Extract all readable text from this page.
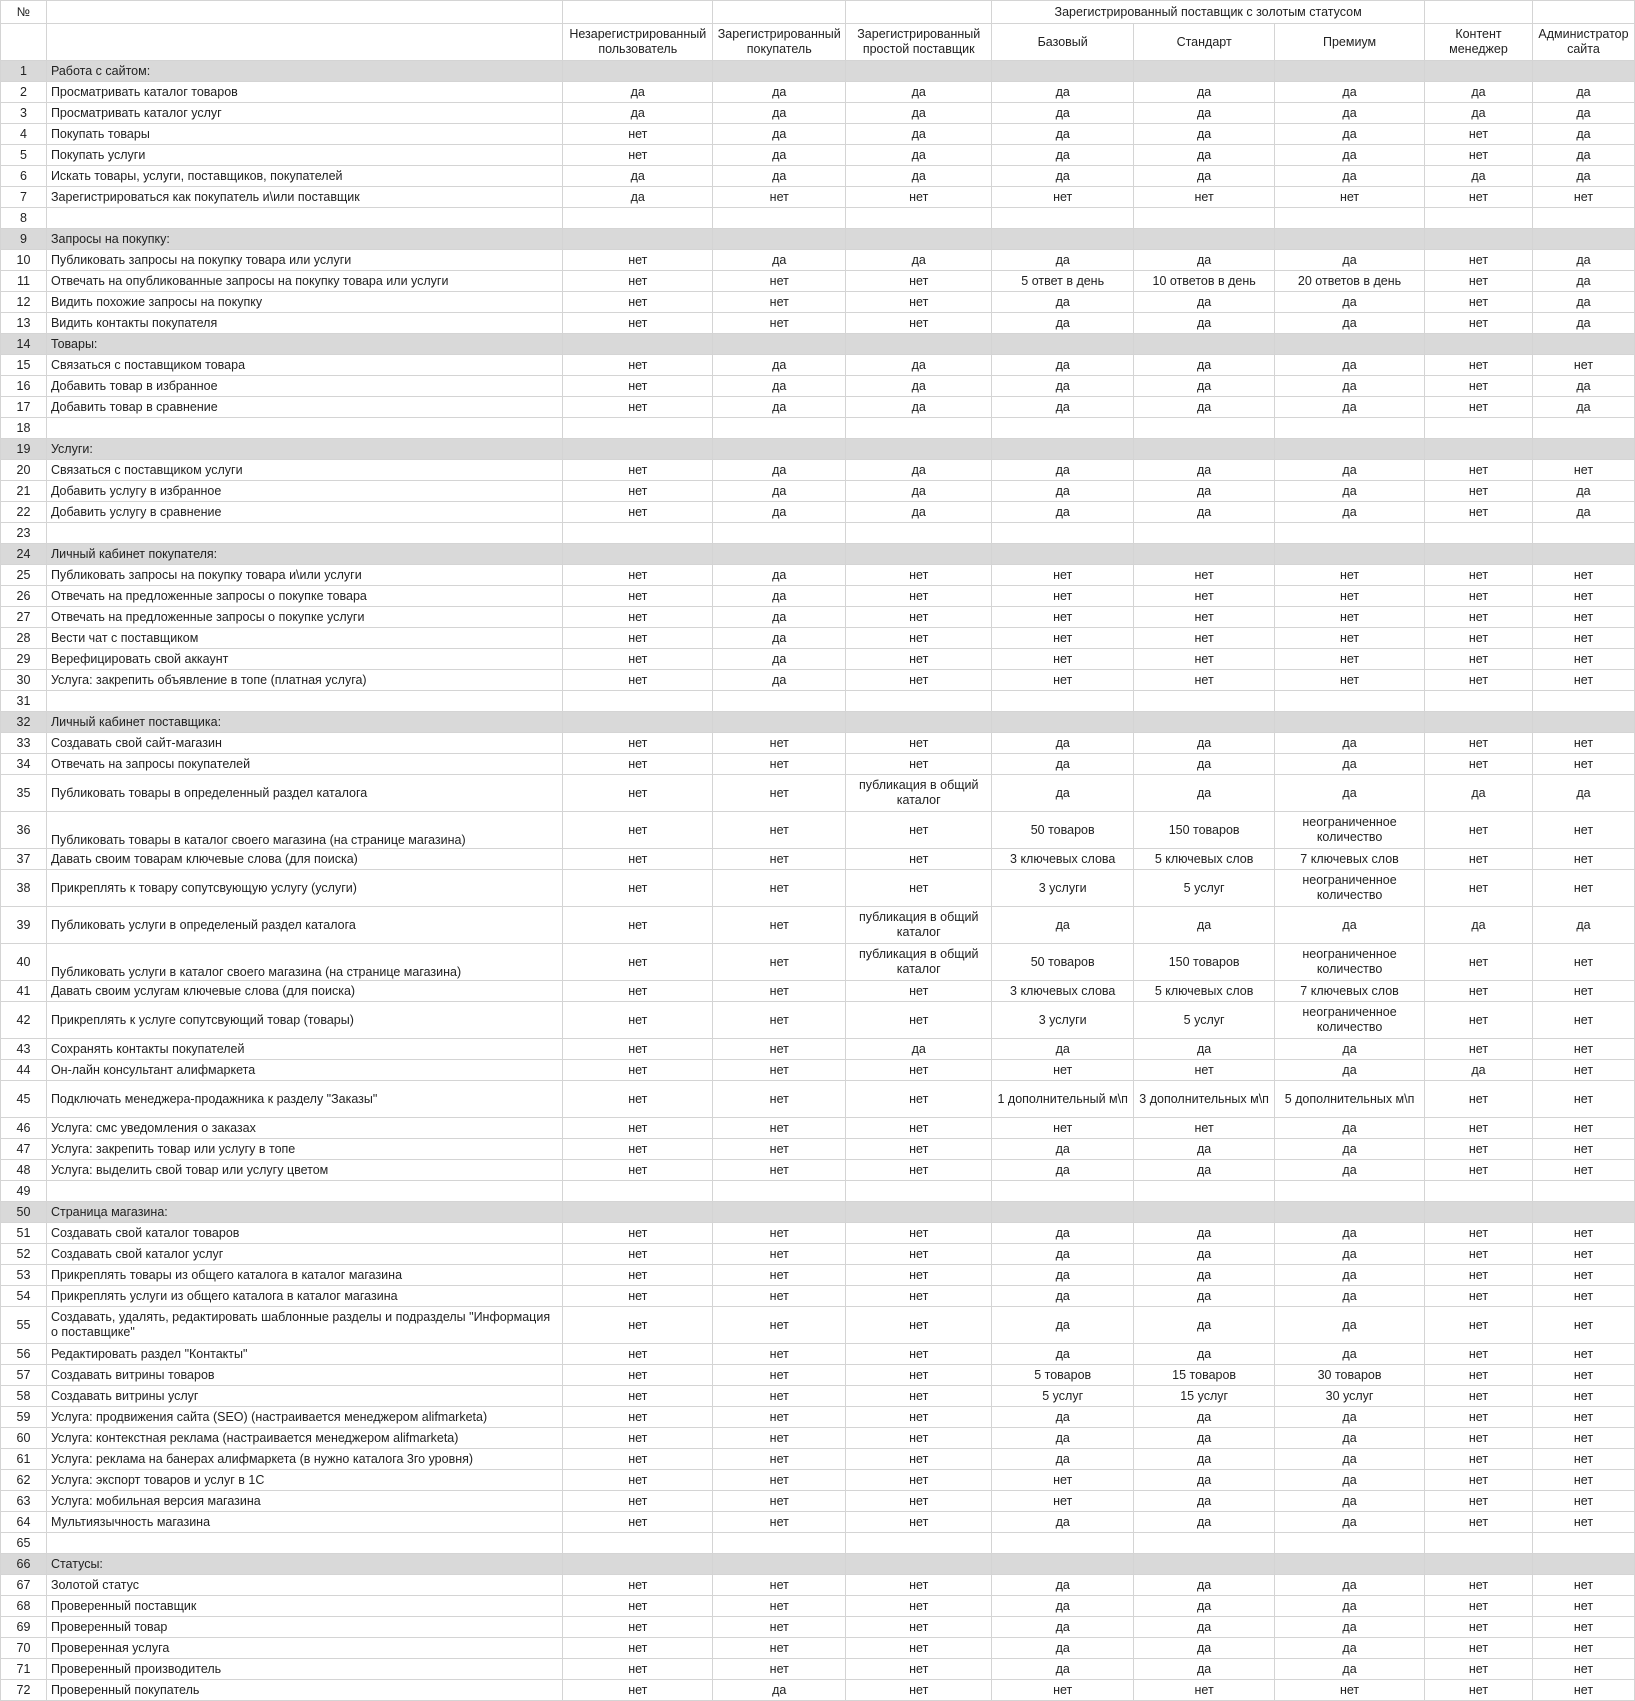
№					Зарегистрированный поставщик с золотым статусом				
		Незарегистрированный пользователь	Зарегистрированный покупатель	Зарегистрированный простой поставщик	Базовый	Стандарт	Премиум	Контент менеджер	Администратор сайта
1	Работа с сайтом:								
2	Просматривать каталог товаров	да	да	да	да	да	да	да	да
3	Просматривать каталог услуг	да	да	да	да	да	да	да	да
4	Покупать товары	нет	да	да	да	да	да	нет	да
5	Покупать услуги	нет	да	да	да	да	да	нет	да
6	Искать товары, услуги, поставщиков, покупателей	да	да	да	да	да	да	да	да
7	Зарегистрироваться как покупатель и\или поставщик	да	нет	нет	нет	нет	нет	нет	нет
8									
9	Запросы на покупку:								
10	Публиковать запросы на покупку товара или услуги	нет	да	да	да	да	да	нет	да
11	Отвечать на опубликованные запросы на покупку товара или услуги	нет	нет	нет	5 ответ в день	10 ответов в день	20 ответов в день	нет	да
12	Видить похожие запросы на покупку	нет	нет	нет	да	да	да	нет	да
13	Видить контакты покупателя	нет	нет	нет	да	да	да	нет	да
14	Товары:								
15	Связаться с поставщиком товара	нет	да	да	да	да	да	нет	нет
16	Добавить товар в избранное	нет	да	да	да	да	да	нет	да
17	Добавить товар в сравнение	нет	да	да	да	да	да	нет	да
18									
19	Услуги:								
20	Связаться с поставщиком услуги	нет	да	да	да	да	да	нет	нет
21	Добавить услугу в избранное	нет	да	да	да	да	да	нет	да
22	Добавить услугу в сравнение	нет	да	да	да	да	да	нет	да
23									
24	Личный кабинет покупателя:								
25	Публиковать запросы на покупку товара и\или услуги	нет	да	нет	нет	нет	нет	нет	нет
26	Отвечать на предложенные запросы о покупке товара	нет	да	нет	нет	нет	нет	нет	нет
27	Отвечать на предложенные запросы о покупке услуги	нет	да	нет	нет	нет	нет	нет	нет
28	Вести чат с поставщиком	нет	да	нет	нет	нет	нет	нет	нет
29	Верефицировать свой аккаунт	нет	да	нет	нет	нет	нет	нет	нет
30	Услуга: закрепить объявление в топе (платная услуга)	нет	да	нет	нет	нет	нет	нет	нет
31									
32	Личный кабинет поставщика:								
33	Создавать свой сайт-магазин	нет	нет	нет	да	да	да	нет	нет
34	Отвечать на запросы покупателей	нет	нет	нет	да	да	да	нет	нет
35	Публиковать товары в определенный раздел каталога	нет	нет	публикация в общий каталог	да	да	да	да	да
36	Публиковать товары в каталог своего магазина (на странице магазина)	нет	нет	нет	50 товаров	150 товаров	неограниченное количество	нет	нет
37	Давать своим товарам ключевые слова (для поиска)	нет	нет	нет	3 ключевых слова	5 ключевых слов	7 ключевых слов	нет	нет
38	Прикреплять к товару сопутсвующую услугу (услуги)	нет	нет	нет	3 услуги	5 услуг	неограниченное количество	нет	нет
39	Публиковать услуги в определеный раздел каталога	нет	нет	публикация в общий каталог	да	да	да	да	да
40	Публиковать услуги в каталог своего магазина (на странице магазина)	нет	нет	публикация в общий каталог	50 товаров	150 товаров	неограниченное количество	нет	нет
41	Давать своим услугам ключевые слова (для поиска)	нет	нет	нет	3 ключевых слова	5 ключевых слов	7 ключевых слов	нет	нет
42	Прикреплять к услуге сопутсвующий товар (товары)	нет	нет	нет	3 услуги	5 услуг	неограниченное количество	нет	нет
43	Сохранять контакты покупателей	нет	нет	да	да	да	да	нет	нет
44	Он-лайн консультант алифмаркета	нет	нет	нет	нет	нет	да	да	нет
45	Подключать менеджера-продажника к разделу "Заказы"	нет	нет	нет	1 дополнительный м\п	3 дополнительных м\п	5 дополнительных м\п	нет	нет
46	Услуга: смс уведомления о заказах	нет	нет	нет	нет	нет	да	нет	нет
47	Услуга: закрепить товар или услугу в топе	нет	нет	нет	да	да	да	нет	нет
48	Услуга: выделить свой товар или услугу цветом	нет	нет	нет	да	да	да	нет	нет
49									
50	Страница магазина:								
51	Создавать свой каталог товаров	нет	нет	нет	да	да	да	нет	нет
52	Создавать свой каталог услуг	нет	нет	нет	да	да	да	нет	нет
53	Прикреплять товары из общего каталога в каталог магазина	нет	нет	нет	да	да	да	нет	нет
54	Прикреплять услуги из общего каталога в каталог магазина	нет	нет	нет	да	да	да	нет	нет
55	Создавать, удалять, редактировать шаблонные разделы и подразделы "Информация о поставщике"	нет	нет	нет	да	да	да	нет	нет
56	Редактировать раздел "Контакты"	нет	нет	нет	да	да	да	нет	нет
57	Создавать витрины товаров	нет	нет	нет	5 товаров	15 товаров	30 товаров	нет	нет
58	Создавать витрины услуг	нет	нет	нет	5 услуг	15 услуг	30 услуг	нет	нет
59	Услуга: продвижения сайта (SEO) (настраивается менеджером alifmarketa)	нет	нет	нет	да	да	да	нет	нет
60	Услуга: контекстная реклама (настраивается менеджером alifmarketa)	нет	нет	нет	да	да	да	нет	нет
61	Услуга: реклама на банерах алифмаркета (в нужно каталога 3го уровня)	нет	нет	нет	да	да	да	нет	нет
62	Услуга: экспорт товаров и услуг в 1С	нет	нет	нет	нет	да	да	нет	нет
63	Услуга: мобильная версия магазина	нет	нет	нет	нет	да	да	нет	нет
64	Мультиязычность магазина	нет	нет	нет	да	да	да	нет	нет
65									
66	Статусы:								
67	Золотой статус	нет	нет	нет	да	да	да	нет	нет
68	Проверенный поставщик	нет	нет	нет	да	да	да	нет	нет
69	Проверенный товар	нет	нет	нет	да	да	да	нет	нет
70	Проверенная услуга	нет	нет	нет	да	да	да	нет	нет
71	Проверенный производитель	нет	нет	нет	да	да	да	нет	нет
72	Проверенный покупатель	нет	да	нет	нет	нет	нет	нет	нет
